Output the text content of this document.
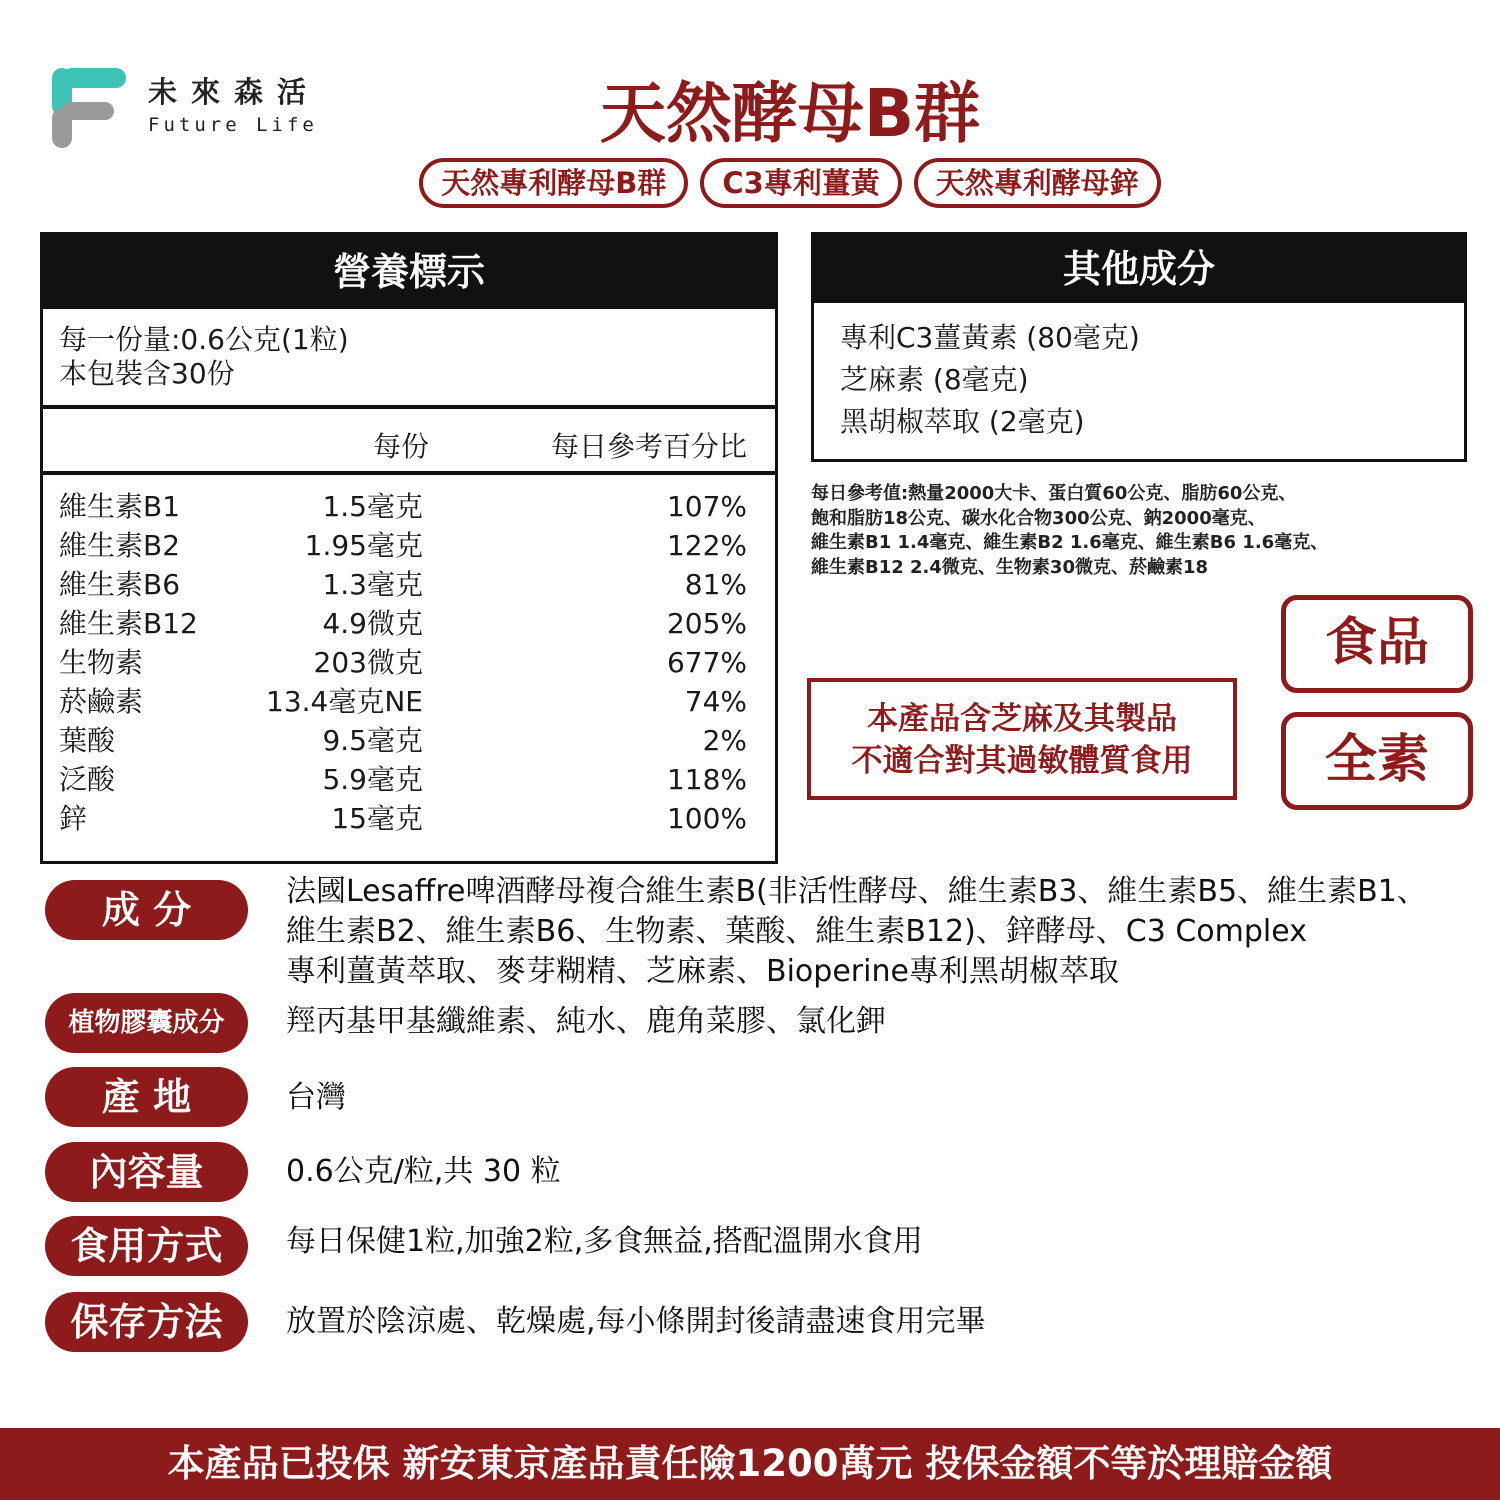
未來森活
Future Life	天然酵母B群
天然專利酵母B群	C3專利薑黃	天然專利酵母鋅
營養標示
每一份量:0.6公克(1粒)
本包裝含30份
每份	每日參考百分比
維生素B1	1.5毫克	107%
維生素B2	1.95毫克	122%
維生素B6	1.3毫克	81%
維生素B12	4.9微克	205%
生物素	203微克	677%
菸鹼素	13.4毫克NE	74%
葉酸	9.5毫克	2%
泛酸	5.9毫克	118%
鋅	15毫克	100%
其他成分
專利C3薑黃素 (80毫克)
芝麻素 (8毫克)
黑胡椒萃取 (2毫克)
每日參考值:熱量2000大卡、蛋白質60公克、脂肪60公克、
飽和脂肪18公克、碳水化合物300公克、鈉2000毫克、
維生素B1 1.4毫克、維生素B2 1.6毫克、維生素B6 1.6毫克、
維生素B12 2.4微克、生物素30微克、菸鹼素18
本產品含芝麻及其製品
不適合對其過敏體質食用
食品
全素
成 分	法國Lesaffre啤酒酵母複合維生素B(非活性酵母、維生素B3、維生素B5、維生素B1、
維生素B2、維生素B6、生物素、葉酸、維生素B12)、鋅酵母、C3 Complex
專利薑黃萃取、麥芽糊精、芝麻素、Bioperine專利黑胡椒萃取
植物膠囊成分	羥丙基甲基纖維素、純水、鹿角菜膠、氯化鉀
產 地	台灣
內容量	0.6公克/粒,共 30 粒
食用方式	每日保健1粒,加強2粒,多食無益,搭配溫開水食用
保存方法	放置於陰涼處、乾燥處,每小條開封後請盡速食用完畢
本產品已投保 新安東京產品責任險1200萬元 投保金額不等於理賠金額
